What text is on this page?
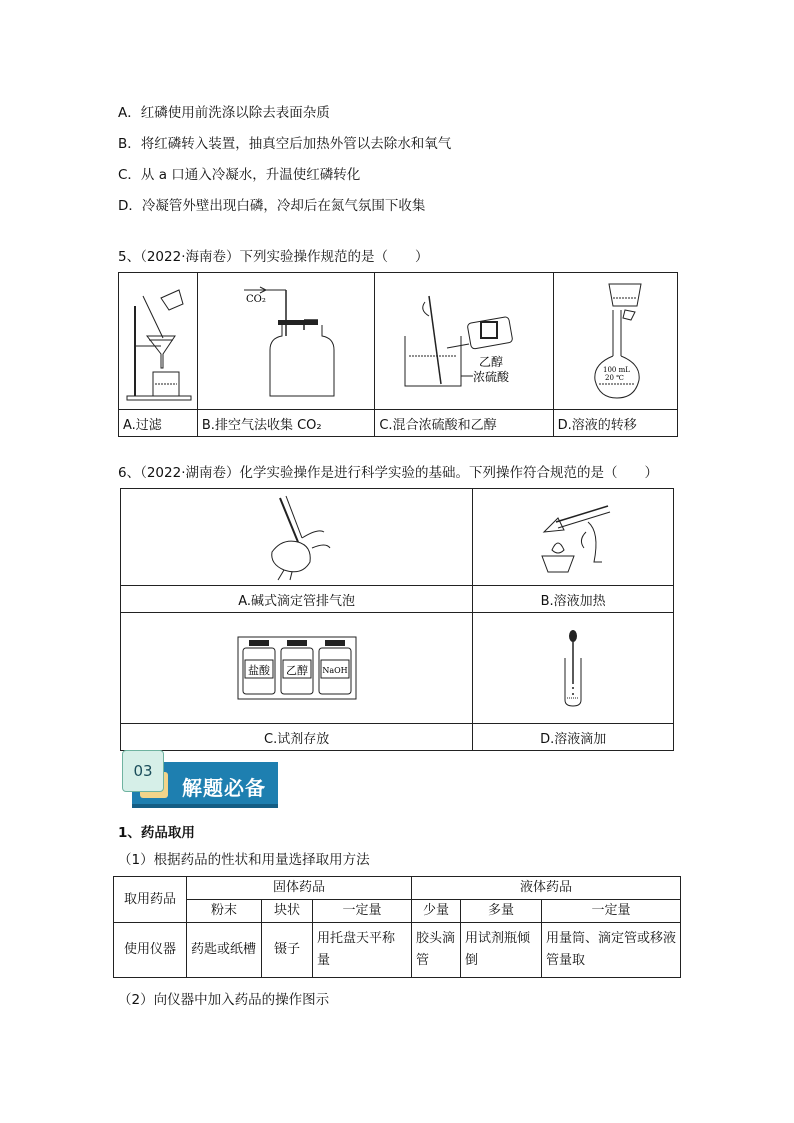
A．红磷使用前洗涤以除去表面杂质
B．将红磷转入装置，抽真空后加热外管以去除水和氧气
C．从 a 口通入冷凝水，升温使红磷转化
D．冷凝管外壁出现白磷，冷却后在氮气氛围下收集
5、（2022·海南卷）下列实验操作规范的是（　　）

CO₂	乙醇
浓硫酸	100 mL
20 ℃

A.过滤	B.排空气法收集 CO₂	C.混合浓硫酸和乙醇	D.溶液的转移
6、（2022·湖南卷）化学实验操作是进行科学实验的基础。下列操作符合规范的是（　　）

A.碱式滴定管排气泡	B.溶液加热

盐酸 乙醇 NaOH

C.试剂存放	D.溶液滴加
03
解题必备
1、药品取用
（1）根据药品的性状和用量选择取用方法
取用药品	固体药品			液体药品		
	粉末	块状	一定量	少量	多量	一定量
使用仪器	药匙或纸槽	镊子	用托盘天平称量	胶头滴管	用试剂瓶倾倒	用量筒、滴定管或移液管量取
（2）向仪器中加入药品的操作图示
